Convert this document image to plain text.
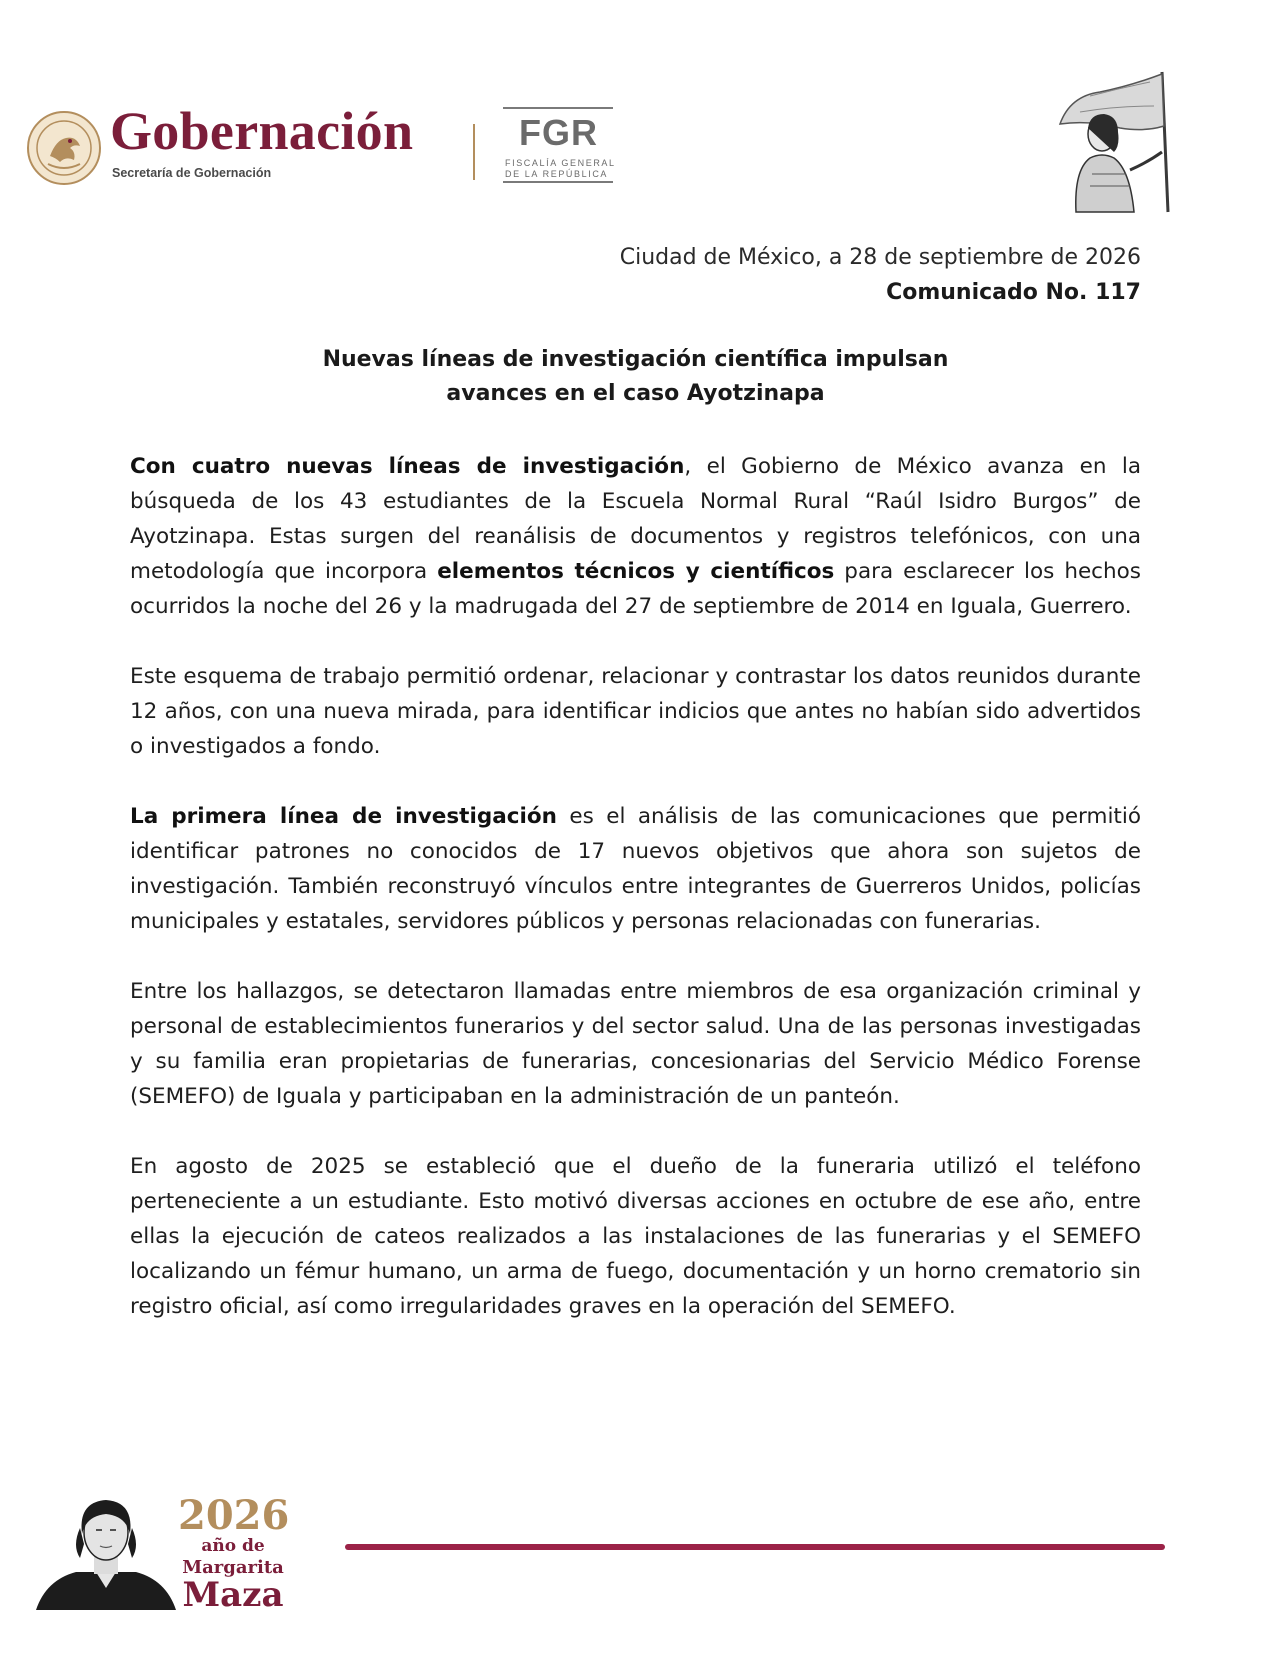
Gobernación
Secretaría de Gobernación
FGR
FISCALÍA GENERAL
DE LA REPÚBLICA
Ciudad de México, a 28 de septiembre de 2026
Comunicado No. 117
Nuevas líneas de investigación científica impulsan
avances en el caso Ayotzinapa

Con cuatro nuevas líneas de investigación, el Gobierno de México avanza en la búsqueda de los 43 estudiantes de la Escuela Normal Rural “Raúl Isidro Burgos” de Ayotzinapa. Estas surgen del reanálisis de documentos y registros telefónicos, con una metodología que incorpora elementos técnicos y científicos para esclarecer los hechos ocurridos la noche del 26 y la madrugada del 27 de septiembre de 2014 en Iguala, Guerrero.

Este esquema de trabajo permitió ordenar, relacionar y contrastar los datos reunidos durante 12 años, con una nueva mirada, para identificar indicios que antes no habían sido advertidos o investigados a fondo.

La primera línea de investigación es el análisis de las comunicaciones que permitió identificar patrones no conocidos de 17 nuevos objetivos que ahora son sujetos de investigación. También reconstruyó vínculos entre integrantes de Guerreros Unidos, policías municipales y estatales, servidores públicos y personas relacionadas con funerarias.

Entre los hallazgos, se detectaron llamadas entre miembros de esa organización criminal y personal de establecimientos funerarios y del sector salud. Una de las personas investigadas y su familia eran propietarias de funerarias, concesionarias del Servicio Médico Forense (SEMEFO) de Iguala y participaban en la administración de un panteón.

En agosto de 2025 se estableció que el dueño de la funeraria utilizó el teléfono perteneciente a un estudiante. Esto motivó diversas acciones en octubre de ese año, entre ellas la ejecución de cateos realizados a las instalaciones de las funerarias y el SEMEFO localizando un fémur humano, un arma de fuego, documentación y un horno crematorio sin registro oficial, así como irregularidades graves en la operación del SEMEFO.

2026
año de
Margarita
Maza
